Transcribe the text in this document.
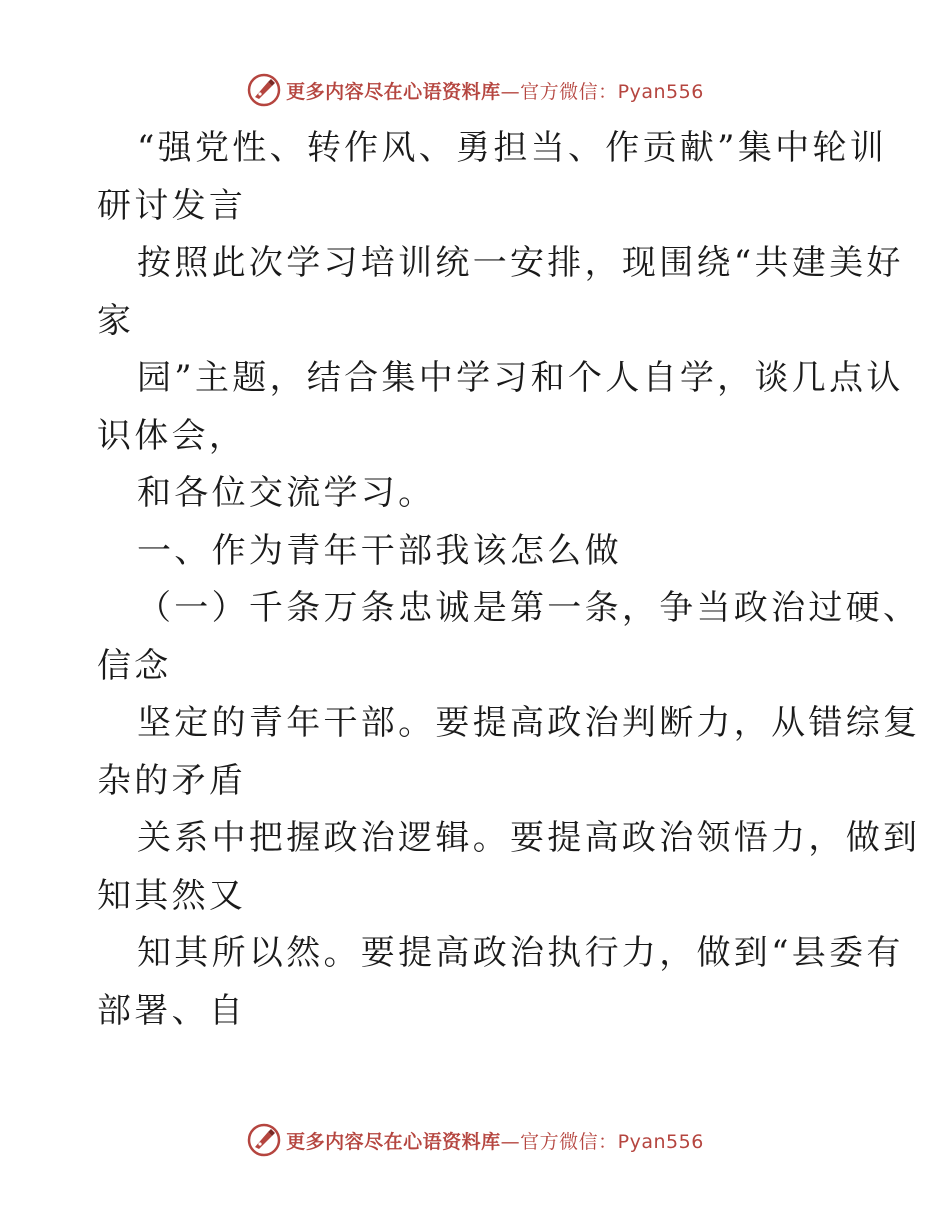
更多内容尽在心语资料库—官方微信：Pyan556
“强党性、转作风、勇担当、作贡献”集中轮训
研讨发言
按照此次学习培训统一安排，现围绕“共建美好
家
园”主题，结合集中学习和个人自学，谈几点认
识体会，
和各位交流学习。
一、作为青年干部我该怎么做
（一）千条万条忠诚是第一条，争当政治过硬、
信念
坚定的青年干部。要提高政治判断力，从错综复
杂的矛盾
关系中把握政治逻辑。要提高政治领悟力，做到
知其然又
知其所以然。要提高政治执行力，做到“县委有
部署、自
更多内容尽在心语资料库—官方微信：Pyan556
